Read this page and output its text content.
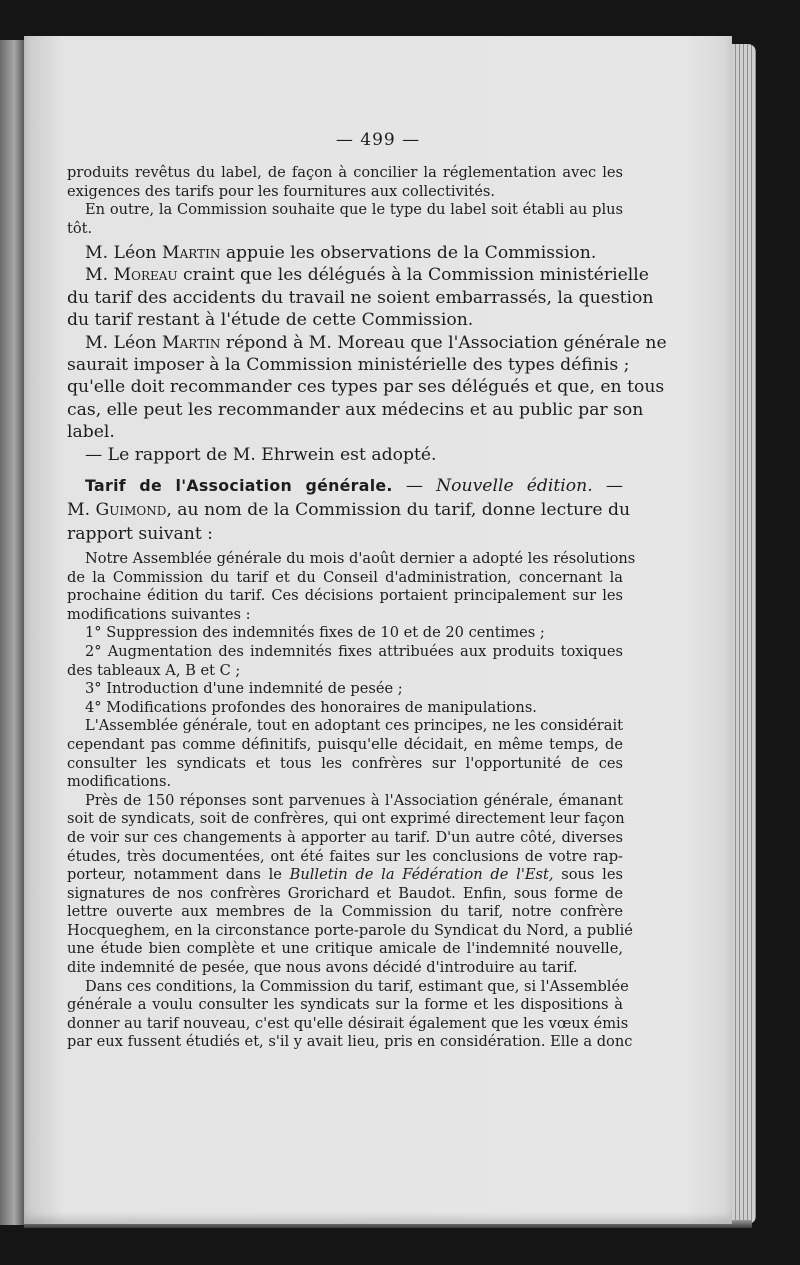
— 499 —
produits revêtus du label, de façon à concilier la réglementation avec les
exigences des tarifs pour les fournitures aux collectivités.
En outre, la Commission souhaite que le type du label soit établi au plus
tôt.
M. Léon Martin appuie les observations de la Commission.
M. Moreau craint que les délégués à la Commission ministérielle
du tarif des accidents du travail ne soient embarrassés, la question
du tarif restant à l'étude de cette Commission.
M. Léon Martin répond à M. Moreau que l'Association générale ne
saurait imposer à la Commission ministérielle des types définis ;
qu'elle doit recommander ces types par ses délégués et que, en tous
cas, elle peut les recommander aux médecins et au public par son
label.
— Le rapport de M. Ehrwein est adopté.
Tarif de l'Association générale. — Nouvelle édition. —
M. Guimond, au nom de la Commission du tarif, donne lecture du
rapport suivant :
Notre Assemblée générale du mois d'août dernier a adopté les résolutions
de la Commission du tarif et du Conseil d'administration, concernant la
prochaine édition du tarif. Ces décisions portaient principalement sur les
modifications suivantes :
1° Suppression des indemnités fixes de 10 et de 20 centimes ;
2° Augmentation des indemnités fixes attribuées aux produits toxiques
des tableaux A, B et C ;
3° Introduction d'une indemnité de pesée ;
4° Modifications profondes des honoraires de manipulations.
L'Assemblée générale, tout en adoptant ces principes, ne les considérait
cependant pas comme définitifs, puisqu'elle décidait, en même temps, de
consulter les syndicats et tous les confrères sur l'opportunité de ces
modifications.
Près de 150 réponses sont parvenues à l'Association générale, émanant
soit de syndicats, soit de confrères, qui ont exprimé directement leur façon
de voir sur ces changements à apporter au tarif. D'un autre côté, diverses
études, très documentées, ont été faites sur les conclusions de votre rap-
porteur, notamment dans le Bulletin de la Fédération de l'Est, sous les
signatures de nos confrères Grorichard et Baudot. Enfin, sous forme de
lettre ouverte aux membres de la Commission du tarif, notre confrère
Hocqueghem, en la circonstance porte-parole du Syndicat du Nord, a publié
une étude bien complète et une critique amicale de l'indemnité nouvelle,
dite indemnité de pesée, que nous avons décidé d'introduire au tarif.
Dans ces conditions, la Commission du tarif, estimant que, si l'Assemblée
générale a voulu consulter les syndicats sur la forme et les dispositions à
donner au tarif nouveau, c'est qu'elle désirait également que les vœux émis
par eux fussent étudiés et, s'il y avait lieu, pris en considération. Elle a donc
